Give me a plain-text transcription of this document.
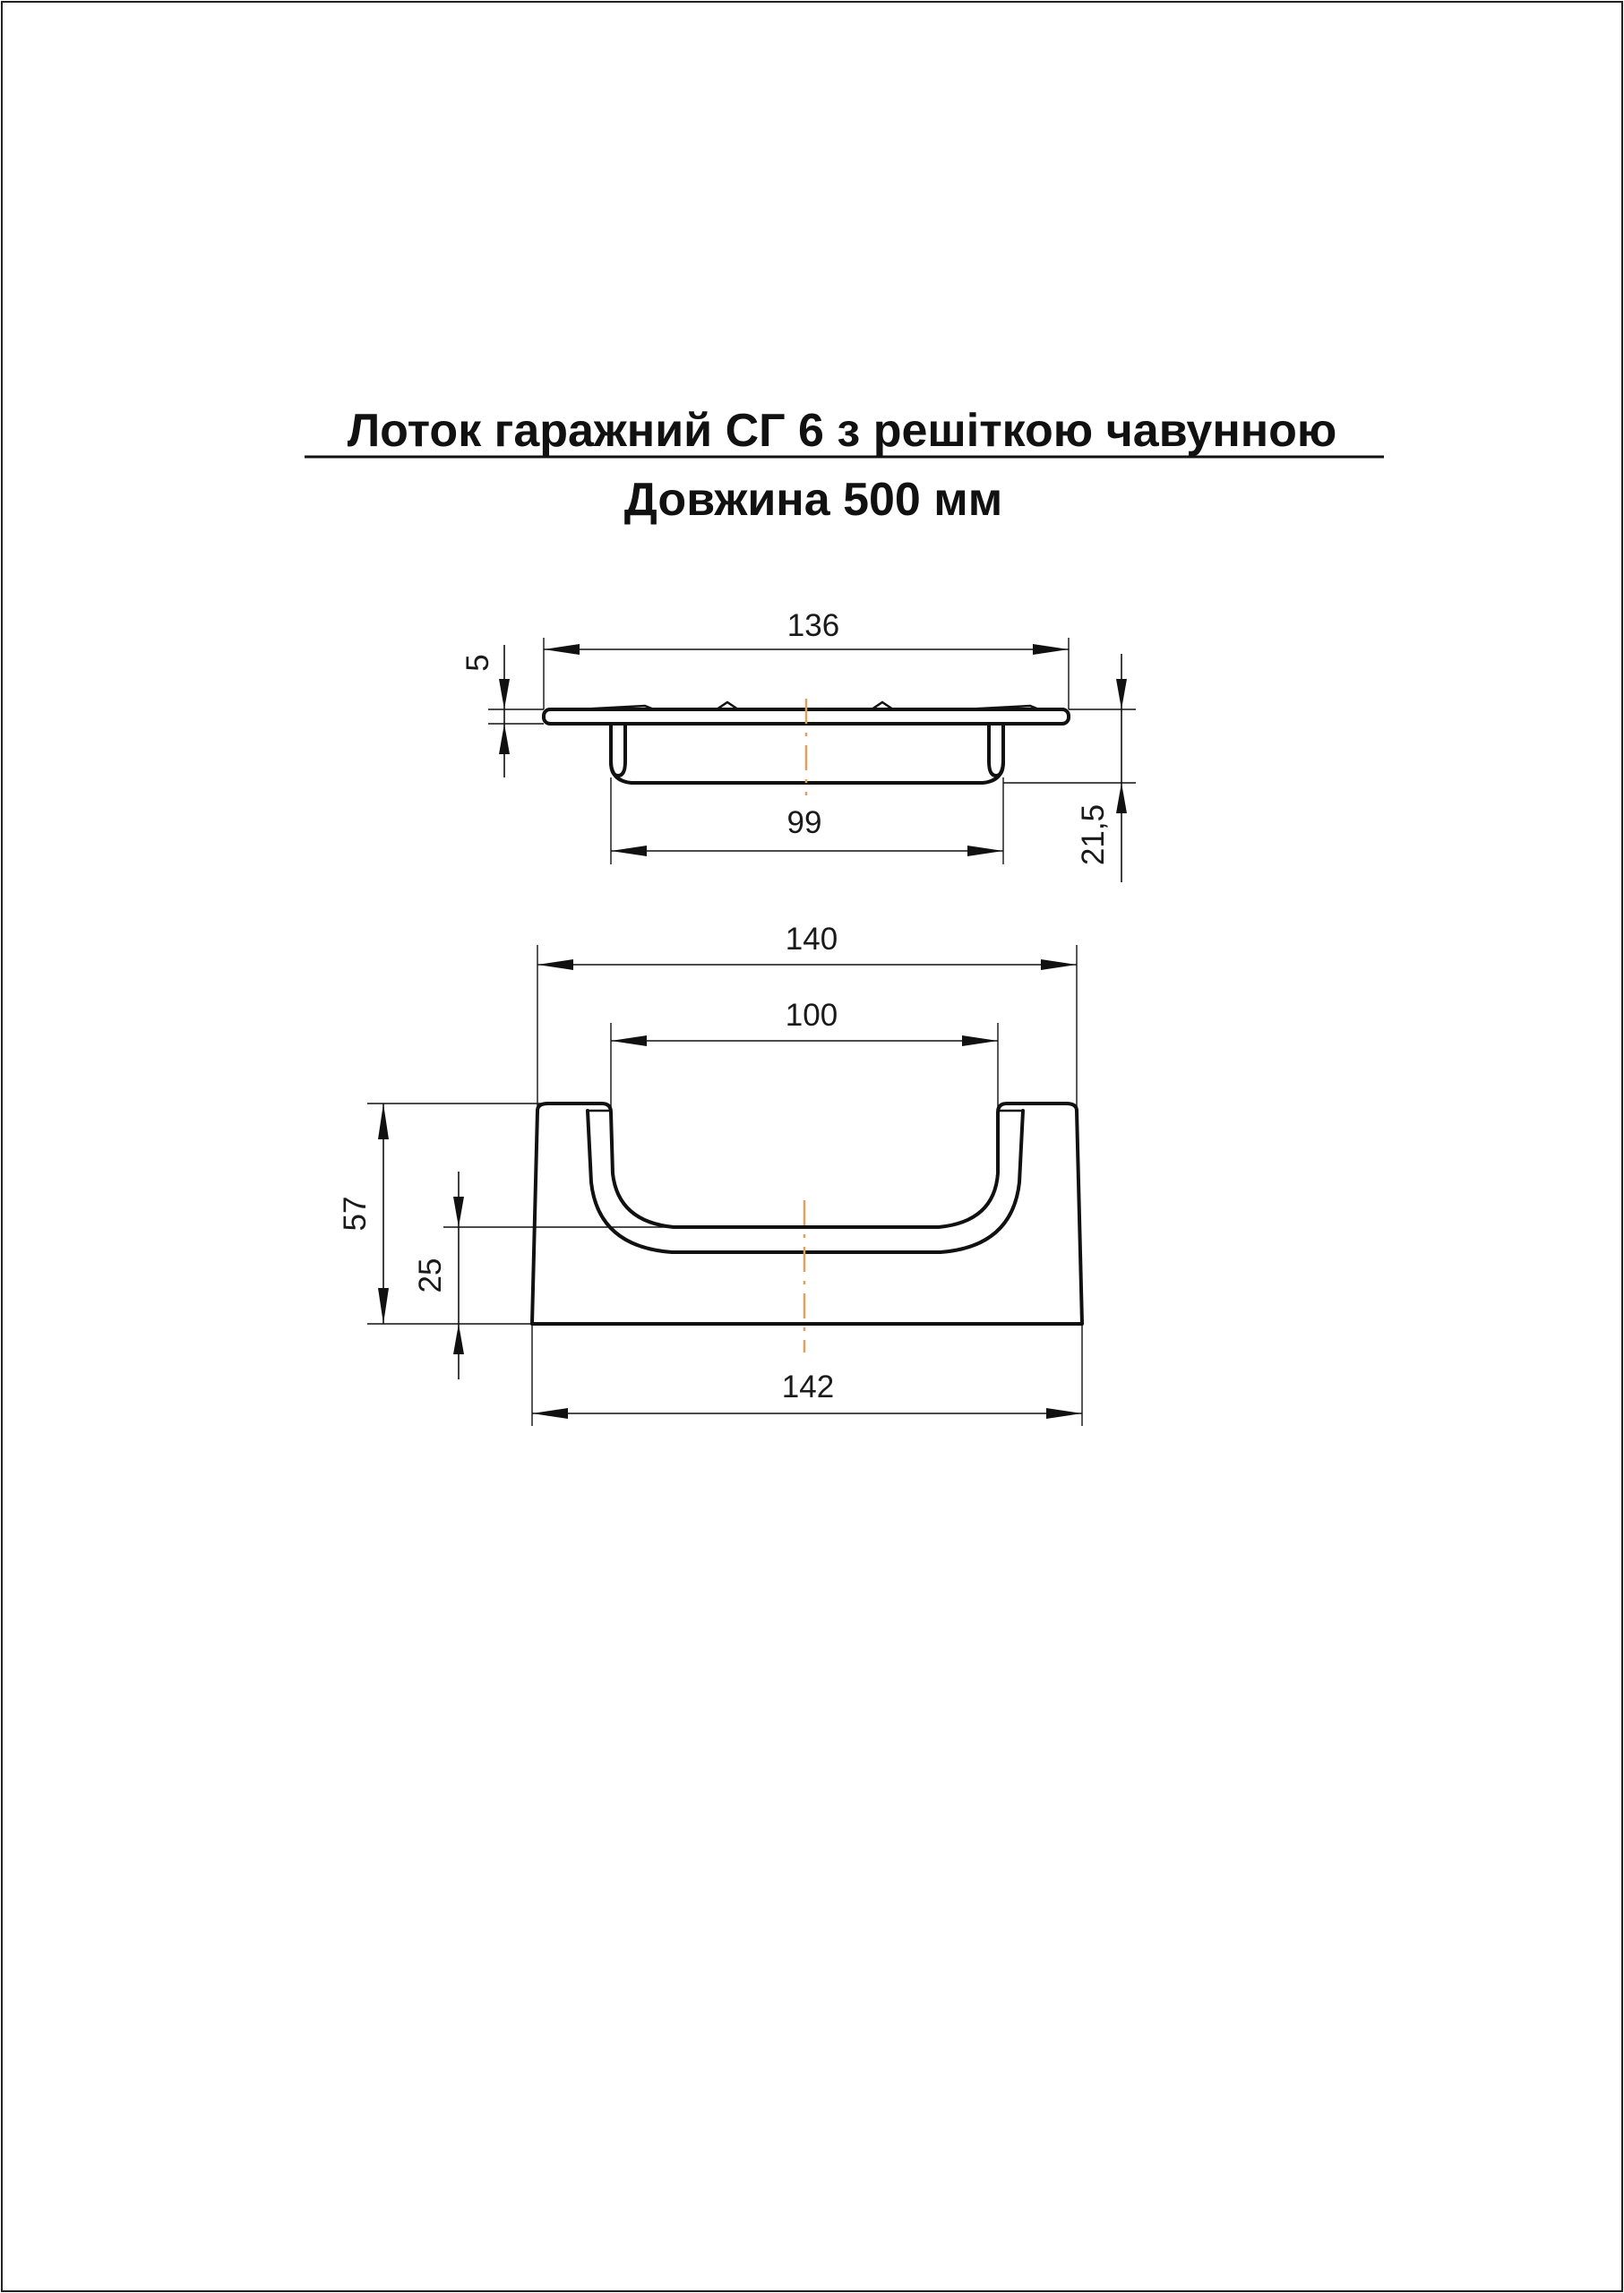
Лоток гаражний СГ 6 з решіткою чавунною
Довжина 500 мм
136
5
99	21,5
140
100
57
25
142
